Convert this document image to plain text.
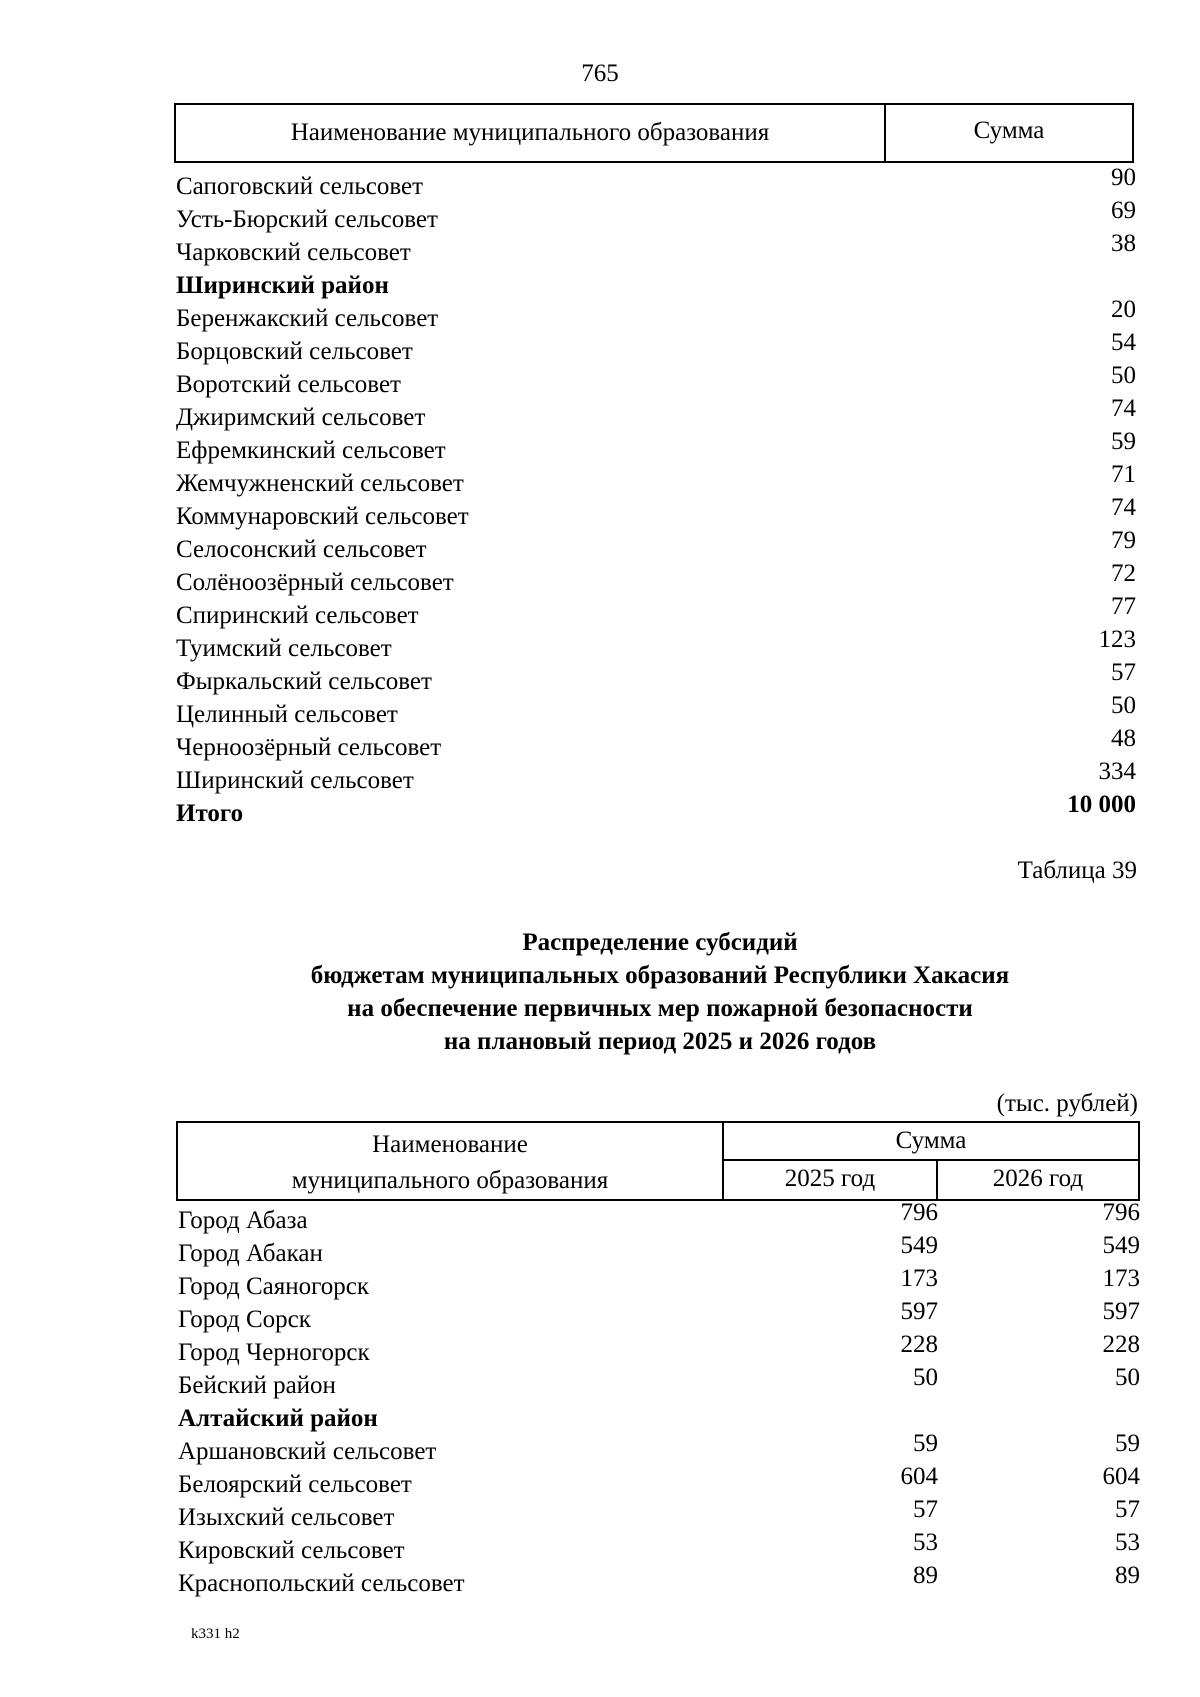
765
Наименование муниципального образования	Сумма
Сапоговский сельсовет	90
Усть-Бюрский сельсовет	69
Чарковский сельсовет	38
Ширинский район
Беренжакский сельсовет	20
Борцовский сельсовет	54
Воротский сельсовет	50
Джиримский сельсовет	74
Ефремкинский сельсовет	59
Жемчужненский сельсовет	71
Коммунаровский сельсовет	74
Селосонский сельсовет	79
Солёноозёрный сельсовет	72
Спиринский сельсовет	77
Туимский сельсовет	123
Фыркальский сельсовет	57
Целинный сельсовет	50
Черноозёрный сельсовет	48
Ширинский сельсовет	334
Итого	10 000
Таблица 39
Распределение субсидий
бюджетам муниципальных образований Республики Хакасия
на обеспечение первичных мер пожарной безопасности
на плановый период 2025 и 2026 годов
(тыс. рублей)
Наименование
муниципального образования
Сумма
2025 год	2026 год
Город Абаза	796	796
Город Абакан	549	549
Город Саяногорск	173	173
Город Сорск	597	597
Город Черногорск	228	228
Бейский район	50	50
Алтайский район
Аршановский сельсовет	59	59
Белоярский сельсовет	604	604
Изыхский сельсовет	57	57
Кировский сельсовет	53	53
Краснопольский сельсовет	89	89
k331 h2
